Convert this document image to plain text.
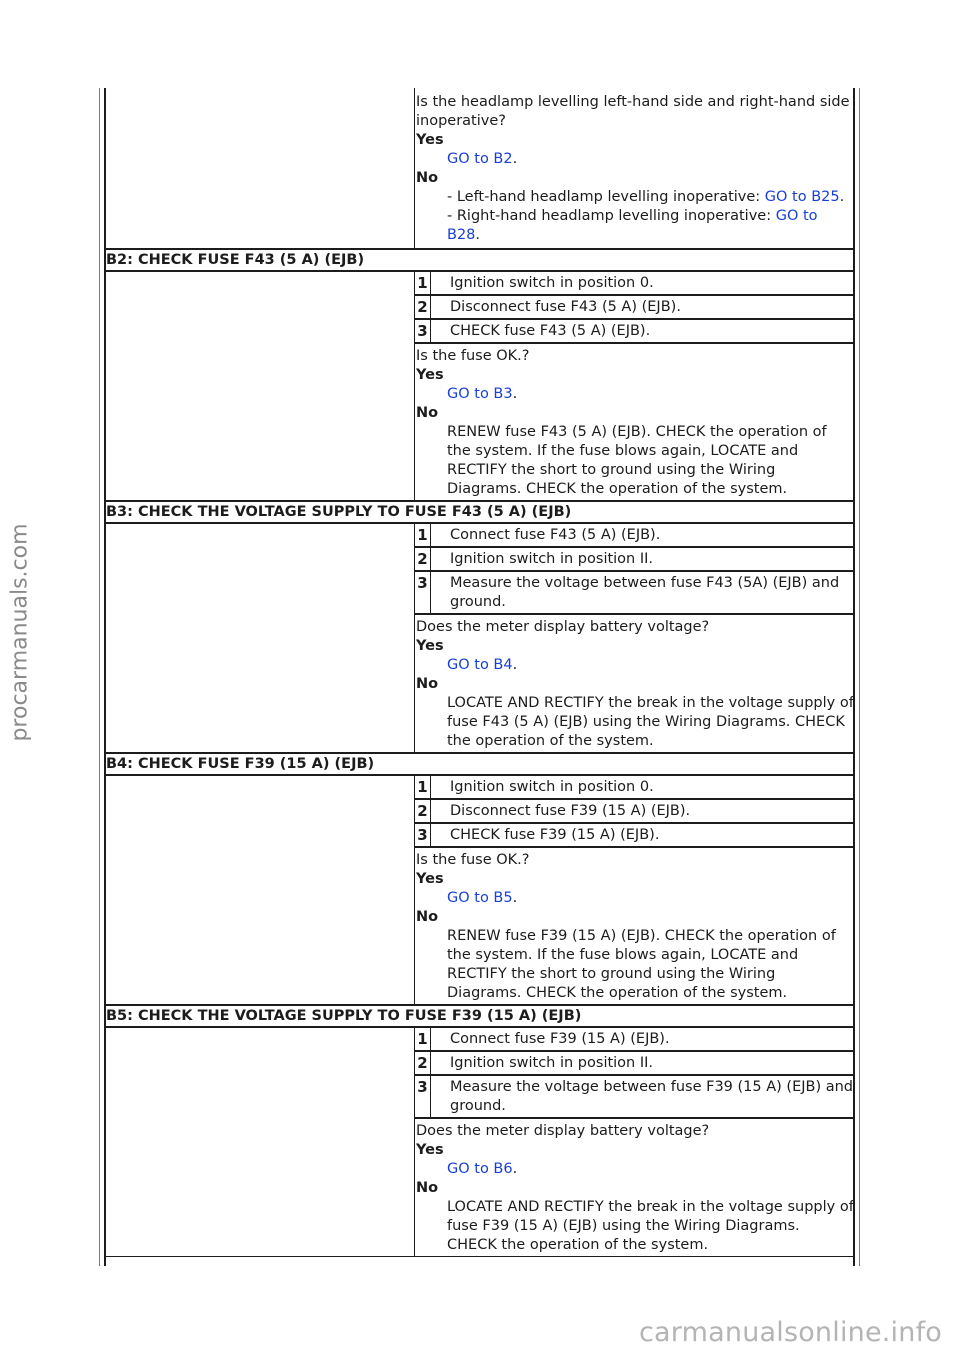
Is the headlamp levelling left-hand side and right-hand side inoperative?

Yes
GO to B2.
No
- Left-hand headlamp levelling inoperative: GO to B25.
- Right-hand headlamp levelling inoperative: GO to B28.
B2: CHECK FUSE F43 (5 A) (EJB)
1	Ignition switch in position 0.
2	Disconnect fuse F43 (5 A) (EJB).
3	CHECK fuse F43 (5 A) (EJB).
Is the fuse OK.?
Yes
GO to B3.
No
RENEW fuse F43 (5 A) (EJB). CHECK the operation of the system. If the fuse blows again, LOCATE and RECTIFY the short to ground using the Wiring Diagrams. CHECK the operation of the system.
B3: CHECK THE VOLTAGE SUPPLY TO FUSE F43 (5 A) (EJB)
1	Connect fuse F43 (5 A) (EJB).
2	Ignition switch in position II.
3	Measure the voltage between fuse F43 (5A) (EJB) and ground.
Does the meter display battery voltage?
Yes
GO to B4.
No
LOCATE AND RECTIFY the break in the voltage supply of fuse F43 (5 A) (EJB) using the Wiring Diagrams. CHECK the operation of the system.
B4: CHECK FUSE F39 (15 A) (EJB)
1	Ignition switch in position 0.
2	Disconnect fuse F39 (15 A) (EJB).
3	CHECK fuse F39 (15 A) (EJB).
Is the fuse OK.?
Yes
GO to B5.
No
RENEW fuse F39 (15 A) (EJB). CHECK the operation of the system. If the fuse blows again, LOCATE and RECTIFY the short to ground using the Wiring Diagrams. CHECK the operation of the system.
B5: CHECK THE VOLTAGE SUPPLY TO FUSE F39 (15 A) (EJB)
1	Connect fuse F39 (15 A) (EJB).
2	Ignition switch in position II.
3	Measure the voltage between fuse F39 (15 A) (EJB) and ground.
Does the meter display battery voltage?
Yes
GO to B6.
No
LOCATE AND RECTIFY the break in the voltage supply of fuse F39 (15 A) (EJB) using the Wiring Diagrams. CHECK the operation of the system.
procarmanuals.com
carmanualsonline.info
